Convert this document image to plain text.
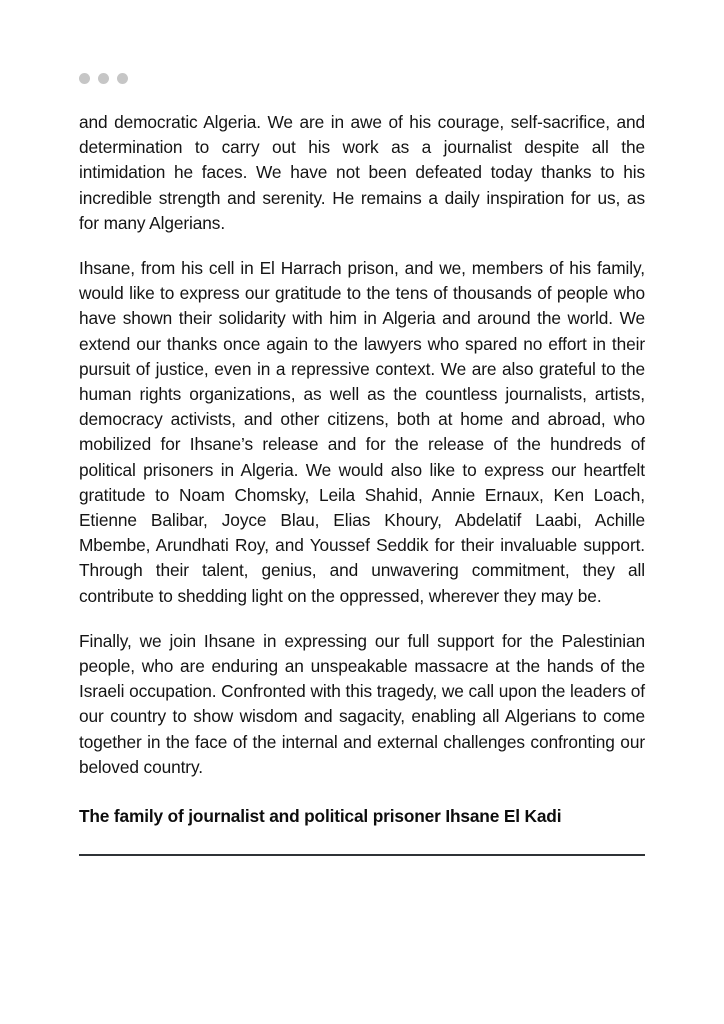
and democratic Algeria. We are in awe of his courage, self-sacrifice, and determination to carry out his work as a journalist despite all the intimidation he faces. We have not been defeated today thanks to his incredible strength and serenity. He remains a daily inspiration for us, as for many Algerians.

Ihsane, from his cell in El Harrach prison, and we, members of his family, would like to express our gratitude to the tens of thousands of people who have shown their solidarity with him in Algeria and around the world. We extend our thanks once again to the lawyers who spared no effort in their pursuit of justice, even in a repressive context. We are also grateful to the human rights organizations, as well as the countless journalists, artists, democracy activists, and other citizens, both at home and abroad, who mobilized for Ihsane’s release and for the release of the hundreds of political prisoners in Algeria. We would also like to express our heartfelt gratitude to Noam Chomsky, Leila Shahid, Annie Ernaux, Ken Loach, Etienne Balibar, Joyce Blau, Elias Khoury, Abdelatif Laabi, Achille Mbembe, Arundhati Roy, and Youssef Seddik for their invaluable support. Through their talent, genius, and unwavering commitment, they all contribute to shedding light on the oppressed, wherever they may be.

Finally, we join Ihsane in expressing our full support for the Palestinian people, who are enduring an unspeakable massacre at the hands of the Israeli occupation. Confronted with this tragedy, we call upon the leaders of our country to show wisdom and sagacity, enabling all Algerians to come together in the face of the internal and external challenges confronting our beloved country.

The family of journalist and political prisoner Ihsane El Kadi
